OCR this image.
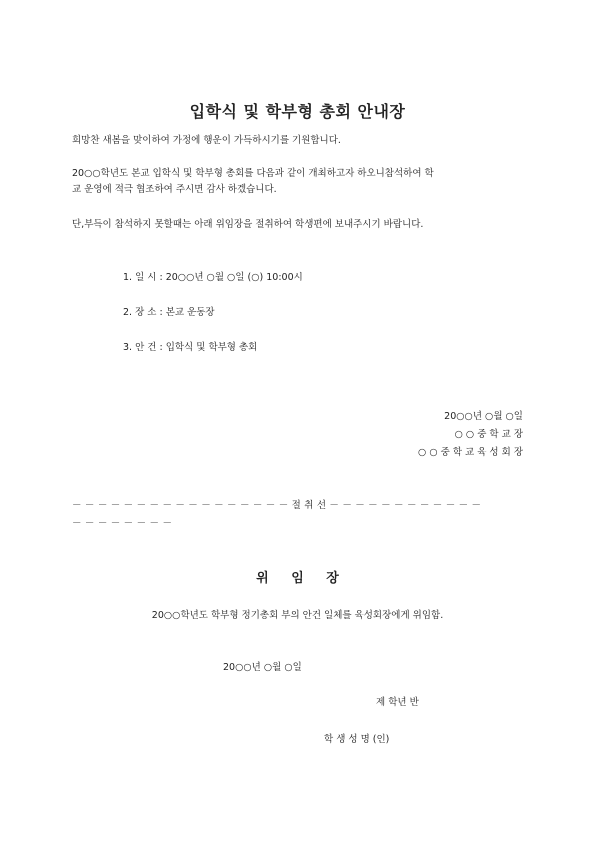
입학식 및 학부형 총회 안내장
희망찬 새봄을 맞이하여 가정에 행운이 가득하시기를 기원합니다.
20○○학년도 본교 입학식 및 학부형 총회를 다음과 같이 개최하고자 하오니참석하여 학
교 운영에 적극 협조하여 주시면 감사 하겠습니다.
단,부득이 참석하지 못할때는 아래 위임장을 절취하여 학생편에 보내주시기 바랍니다.
1. 일 시 : 20○○년 ○월 ○일 (○) 10:00시
2. 장 소 : 본교 운동장
3. 안 건 : 입학식 및 학부형 총회
20○○년 ○월 ○일
○ ○ 중 학 교 장
○ ○ 중 학 교 육 성 회 장
－ － － － － － － － － － － － － － － － － 절 취 선 － － － － － － － － － － － －
－ － － － － － － －
위 임 장
20○○학년도 학부형 정기총회 부의 안건 일체를 육성회장에게 위임함.
20○○년 ○월 ○일
제 학년 반
학 생 성 명 (인)
